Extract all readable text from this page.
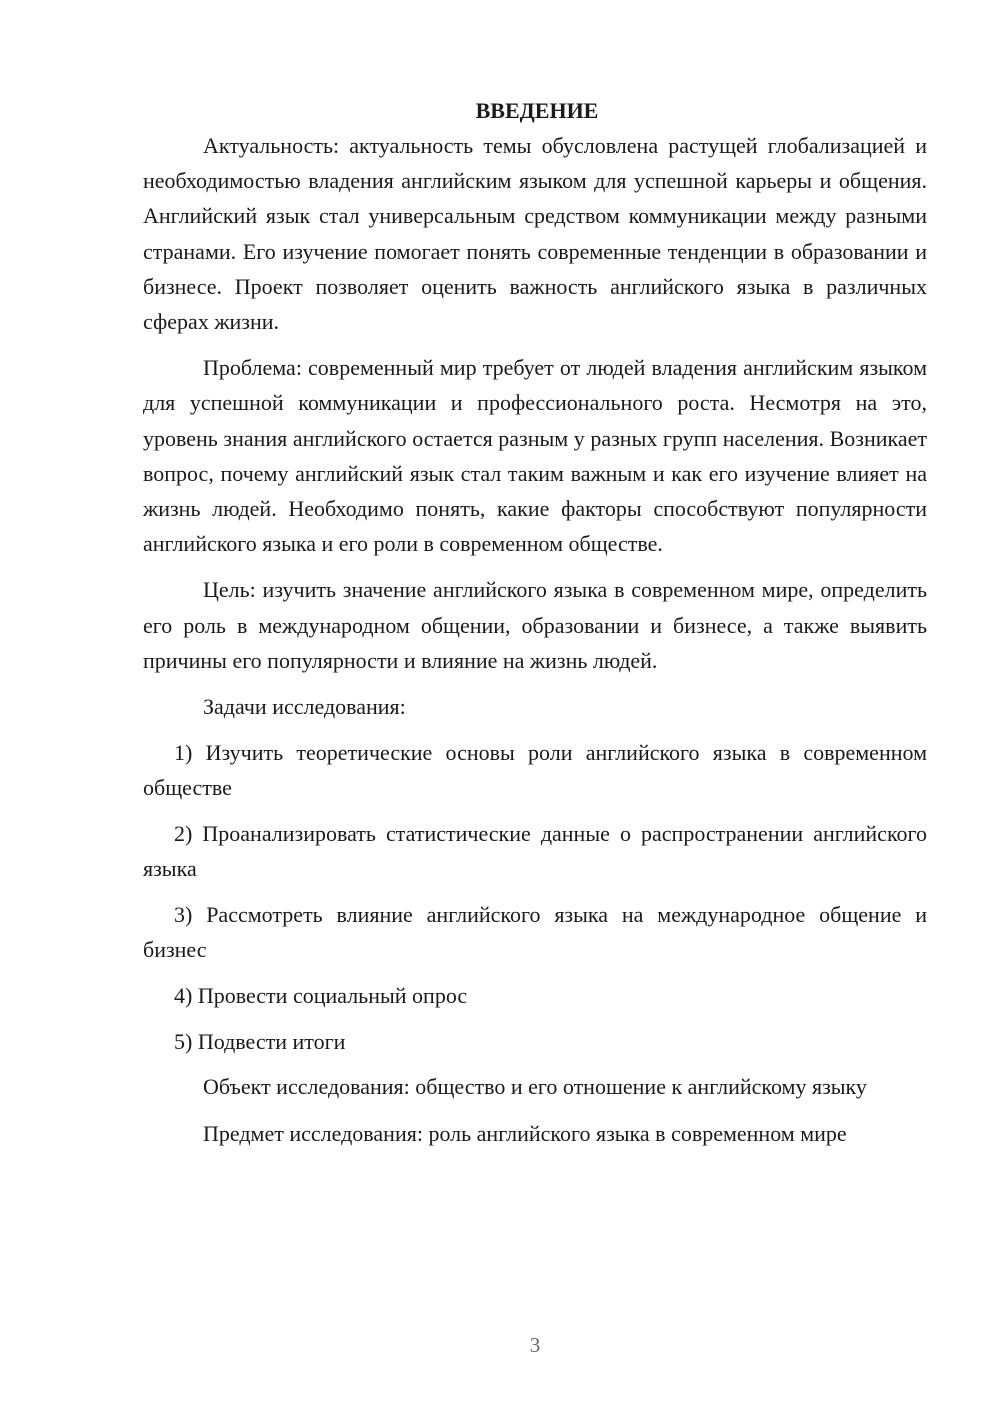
ВВЕДЕНИЕ

Актуальность: актуальность темы обусловлена растущей глобализацией и необходимостью владения английским языком для успешной карьеры и общения. Английский язык стал универсальным средством коммуникации между разными странами. Его изучение помогает понять современные тенденции в образовании и бизнесе. Проект позволяет оценить важность английского языка в различных сферах жизни.

Проблема: современный мир требует от людей владения английским языком для успешной коммуникации и профессионального роста. Несмотря на это, уровень знания английского остается разным у разных групп населения. Возникает вопрос, почему английский язык стал таким важным и как его изучение влияет на жизнь людей. Необходимо понять, какие факторы способствуют популярности английского языка и его роли в современном обществе.

Цель: изучить значение английского языка в современном мире, определить его роль в международном общении, образовании и бизнесе, а также выявить причины его популярности и влияние на жизнь людей.

Задачи исследования:

1) Изучить теоретические основы роли английского языка в современном обществе

2) Проанализировать статистические данные о распространении английского языка

3) Рассмотреть влияние английского языка на международное общение и бизнес

4) Провести социальный опрос

5) Подвести итоги

Объект исследования: общество и его отношение к английскому языку

Предмет исследования: роль английского языка в современном мире

3
